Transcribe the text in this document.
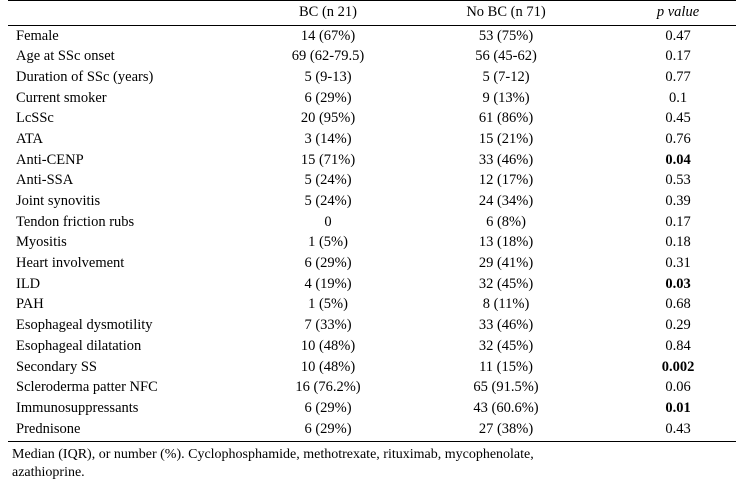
	BC (n 21)	No BC (n 71)	p value
Female	14 (67%)	53 (75%)	0.47
Age at SSc onset	69 (62-79.5)	56 (45-62)	0.17
Duration of SSc (years)	5 (9-13)	5 (7-12)	0.77
Current smoker	6 (29%)	9 (13%)	0.1
LcSSc	20 (95%)	61 (86%)	0.45
ATA	3 (14%)	15 (21%)	0.76
Anti-CENP	15 (71%)	33 (46%)	0.04
Anti-SSA	5 (24%)	12 (17%)	0.53
Joint synovitis	5 (24%)	24 (34%)	0.39
Tendon friction rubs	0	6 (8%)	0.17
Myositis	1 (5%)	13 (18%)	0.18
Heart involvement	6 (29%)	29 (41%)	0.31
ILD	4 (19%)	32 (45%)	0.03
PAH	1 (5%)	8 (11%)	0.68
Esophageal dysmotility	7 (33%)	33 (46%)	0.29
Esophageal dilatation	10 (48%)	32 (45%)	0.84
Secondary SS	10 (48%)	11 (15%)	0.002
Scleroderma patter NFC	16 (76.2%)	65 (91.5%)	0.06
Immunosuppressants	6 (29%)	43 (60.6%)	0.01
Prednisone	6 (29%)	27 (38%)	0.43
Median (IQR), or number (%). Cyclophosphamide, methotrexate, rituximab, mycophenolate,
azathioprine.
